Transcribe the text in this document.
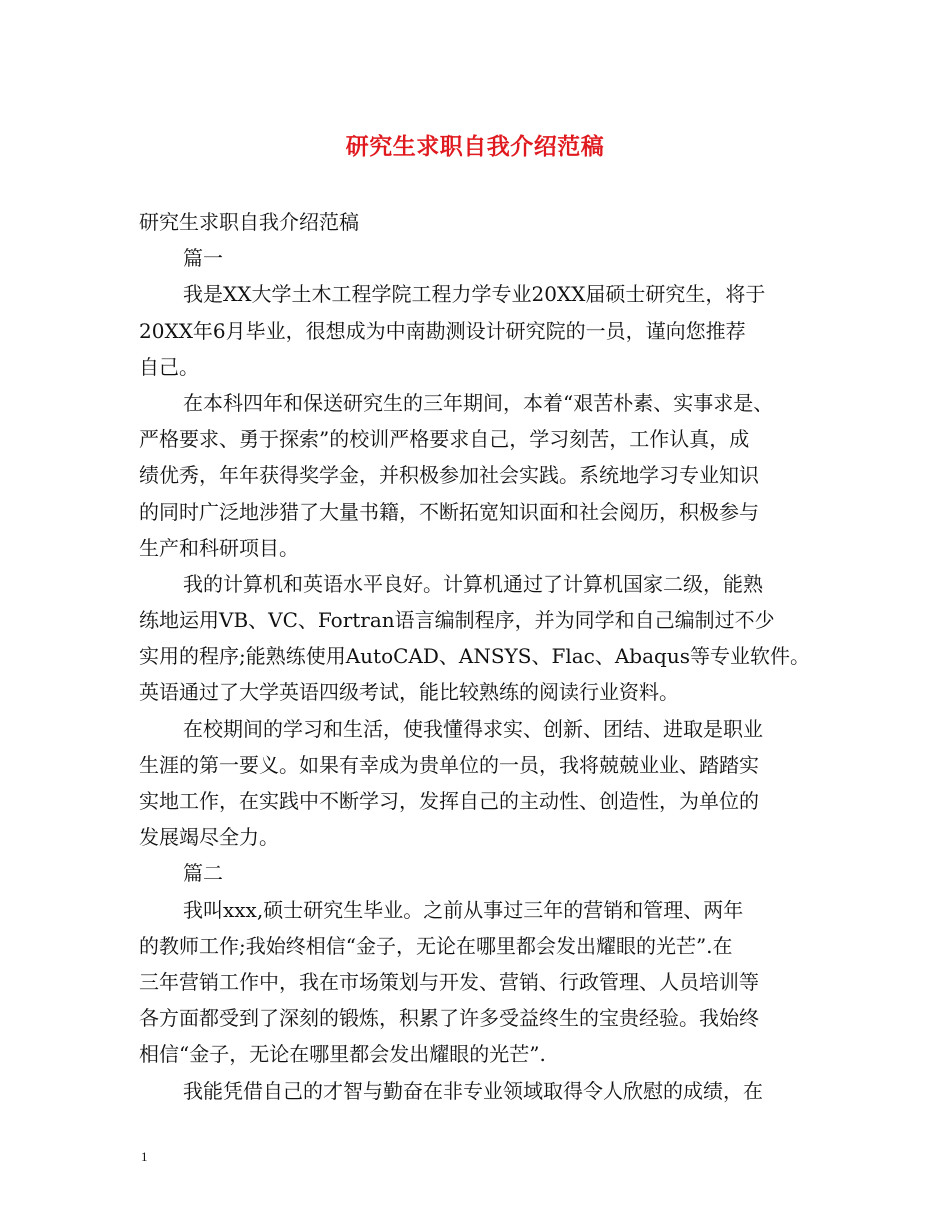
研究生求职自我介绍范稿
研究生求职自我介绍范稿
篇一
我是XX大学土木工程学院工程力学专业20XX届硕士研究生，将于
20XX年6月毕业，很想成为中南勘测设计研究院的一员，谨向您推荐
自己。
在本科四年和保送研究生的三年期间，本着“艰苦朴素、实事求是、
严格要求、勇于探索”的校训严格要求自己，学习刻苦，工作认真，成
绩优秀，年年获得奖学金，并积极参加社会实践。系统地学习专业知识
的同时广泛地涉猎了大量书籍，不断拓宽知识面和社会阅历，积极参与
生产和科研项目。
我的计算机和英语水平良好。计算机通过了计算机国家二级，能熟
练地运用VB、VC、Fortran语言编制程序，并为同学和自己编制过不少
实用的程序;能熟练使用AutoCAD、ANSYS、Flac、Abaqus等专业软件。
英语通过了大学英语四级考试，能比较熟练的阅读行业资料。
在校期间的学习和生活，使我懂得求实、创新、团结、进取是职业
生涯的第一要义。如果有幸成为贵单位的一员，我将兢兢业业、踏踏实
实地工作，在实践中不断学习，发挥自己的主动性、创造性，为单位的
发展竭尽全力。
篇二
我叫xxx,硕士研究生毕业。之前从事过三年的营销和管理、两年
的教师工作;我始终相信“金子，无论在哪里都会发出耀眼的光芒”.在
三年营销工作中，我在市场策划与开发、营销、行政管理、人员培训等
各方面都受到了深刻的锻炼，积累了许多受益终生的宝贵经验。我始终
相信“金子，无论在哪里都会发出耀眼的光芒”.
我能凭借自己的才智与勤奋在非专业领域取得令人欣慰的成绩，在
1
